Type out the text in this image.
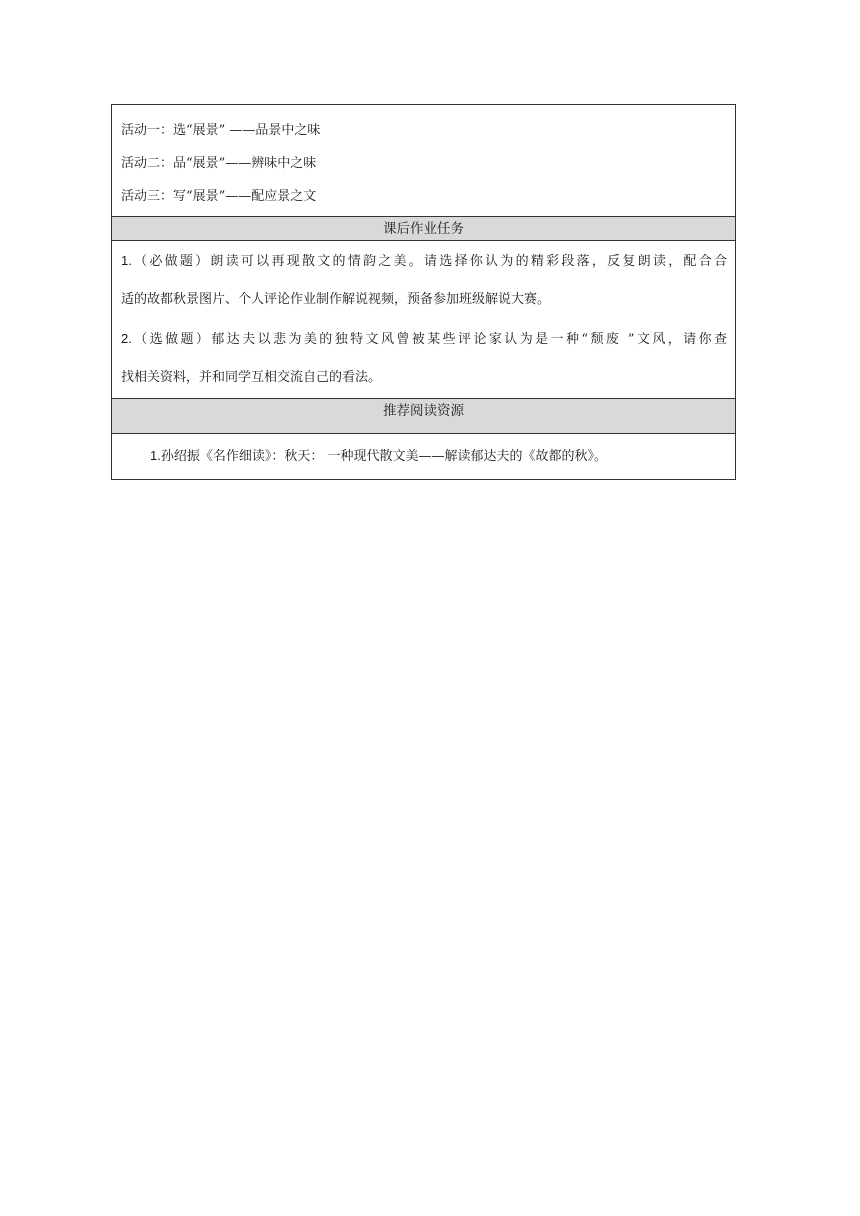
活动一：选“展景” ——品景中之味
活动二：品“展景”——辨味中之味
活动三：写“展景”——配应景之文
课后作业任务
1.（必做题）朗读可以再现散文的情韵之美。请选择你认为的精彩段落，反复朗读，配合合
适的故都秋景图片、个人评论作业制作解说视频，预备参加班级解说大赛。
2.（选做题）郁达夫以悲为美的独特文风曾被某些评论家认为是一种“颓废 ”文风，请你查
找相关资料，并和同学互相交流自己的看法。
推荐阅读资源
1.孙绍振《名作细读》：秋天： 一种现代散文美——解读郁达夫的《故都的秋》。
